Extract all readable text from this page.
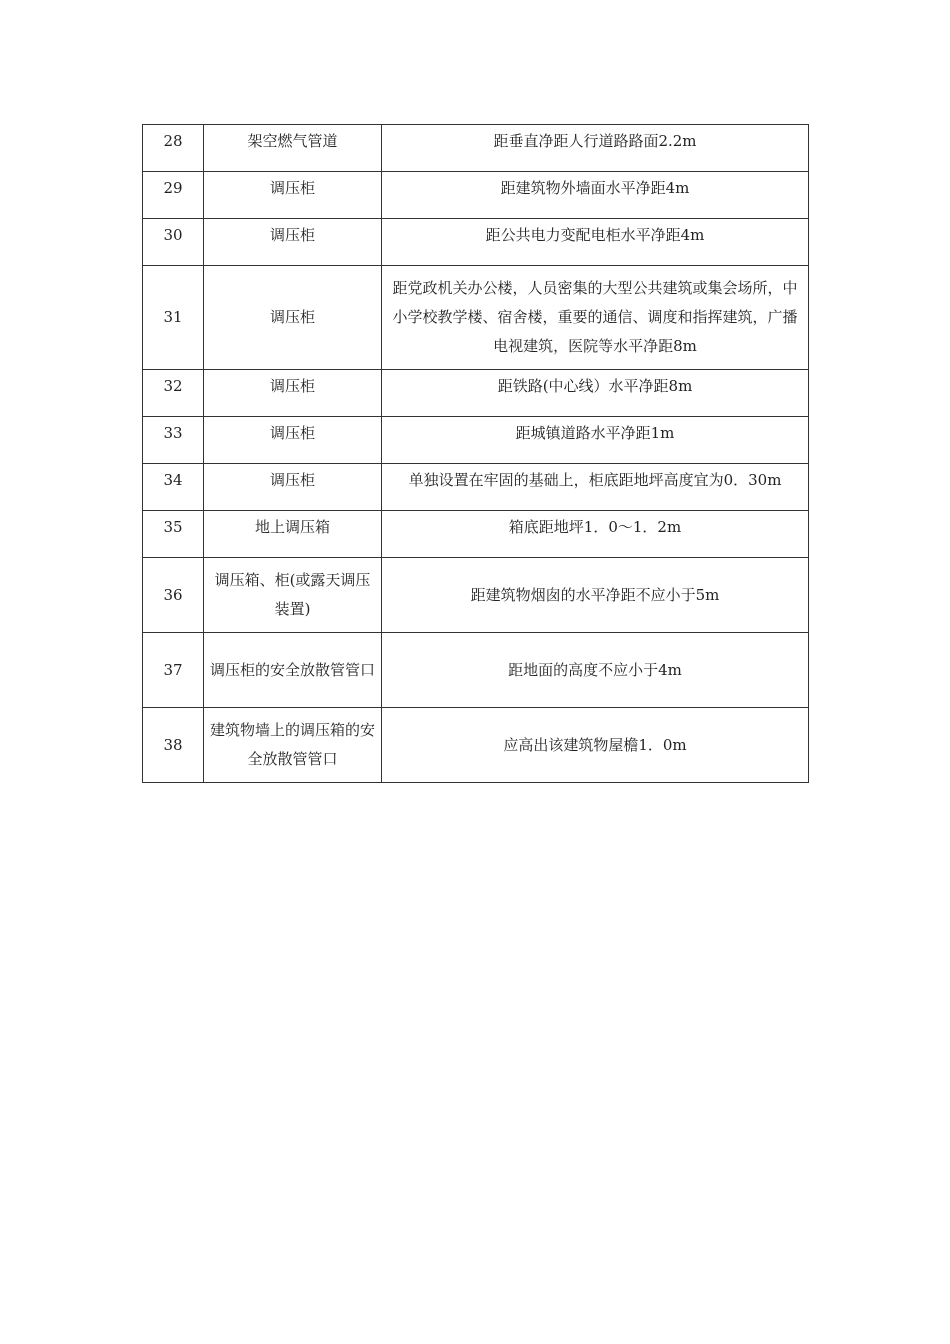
28	架空燃气管道	距垂直净距人行道路路面2.2m
29	调压柜	距建筑物外墙面水平净距4m
30	调压柜	距公共电力变配电柜水平净距4m
31	调压柜	距党政机关办公楼，人员密集的大型公共建筑或集会场所，中小学校教学楼、宿舍楼，重要的通信、调度和指挥建筑，广播电视建筑，医院等水平净距8m
32	调压柜	距铁路(中心线）水平净距8m
33	调压柜	距城镇道路水平净距1m
34	调压柜	单独设置在牢固的基础上，柜底距地坪高度宜为0．30m
35	地上调压箱	箱底距地坪1．0～1．2m
36	调压箱、柜(或露天调压装置)	距建筑物烟囱的水平净距不应小于5m
37	调压柜的安全放散管管口	距地面的高度不应小于4m
38	建筑物墙上的调压箱的安全放散管管口	应高出该建筑物屋檐1．0m
